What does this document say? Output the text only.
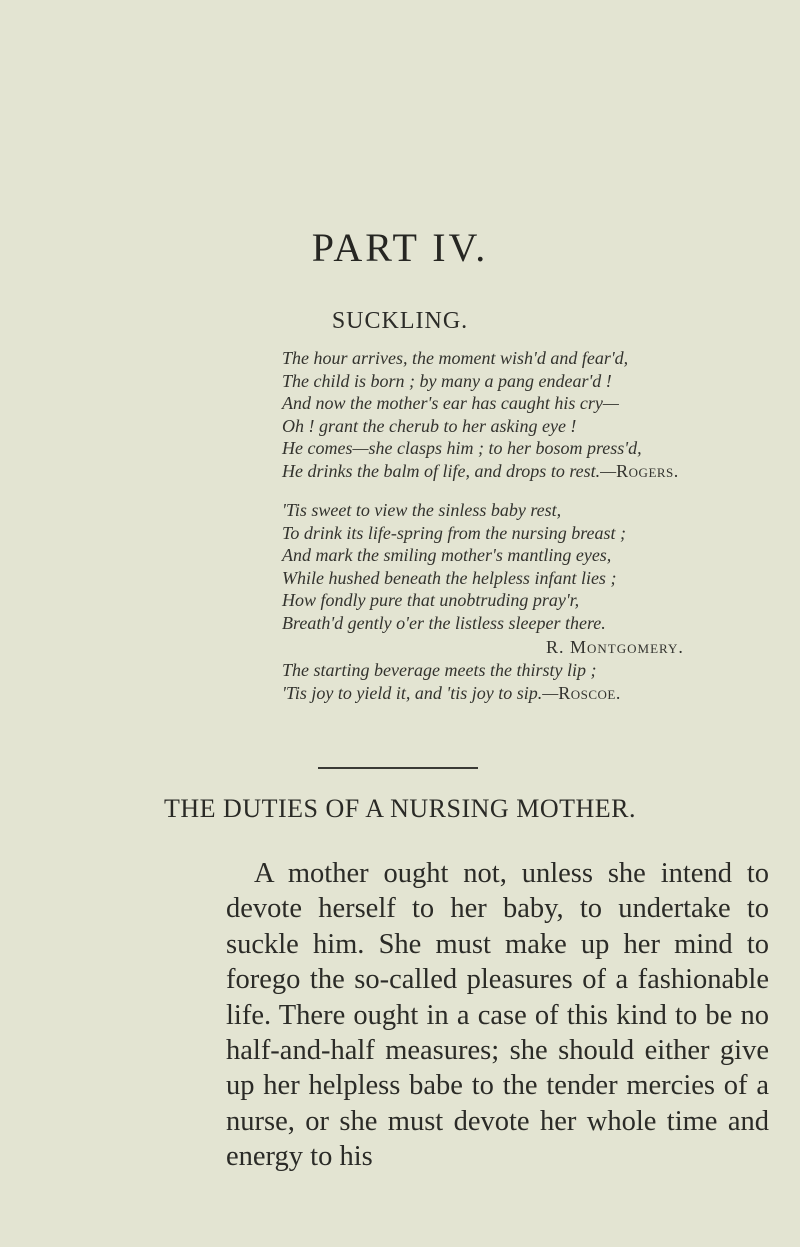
PART IV.
SUCKLING.
The hour arrives, the moment wish'd and fear'd,
The child is born ; by many a pang endear'd !
And now the mother's ear has caught his cry—
Oh ! grant the cherub to her asking eye !
He comes—she clasps him ; to her bosom press'd,
He drinks the balm of life, and drops to rest.—Rogers.
'Tis sweet to view the sinless baby rest,
To drink its life-spring from the nursing breast ;
And mark the smiling mother's mantling eyes,
While hushed beneath the helpless infant lies ;
How fondly pure that unobtruding pray'r,
Breath'd gently o'er the listless sleeper there.
R. Montgomery.
The starting beverage meets the thirsty lip ;
'Tis joy to yield it, and 'tis joy to sip.—Roscoe.
THE DUTIES OF A NURSING MOTHER.
A mother ought not, unless she intend to devote herself to her baby, to undertake to suckle him. She must make up her mind to forego the so-called pleasures of a fashionable life. There ought in a case of this kind to be no half-and-half measures; she should either give up her helpless babe to the tender mercies of a nurse, or she must devote her whole time and energy to his
